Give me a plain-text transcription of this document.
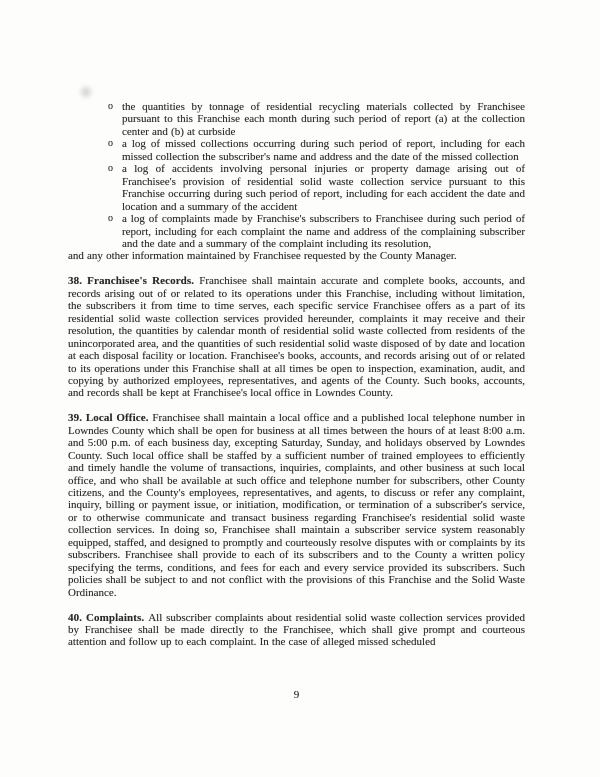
o the quantities by tonnage of residential recycling materials collected by Franchisee pursuant to this Franchise each month during such period of report (a) at the collection center and (b) at curbside
o a log of missed collections occurring during such period of report, including for each missed collection the subscriber's name and address and the date of the missed collection
o a log of accidents involving personal injuries or property damage arising out of Franchisee's provision of residential solid waste collection service pursuant to this Franchise occurring during such period of report, including for each accident the date and location and a summary of the accident
o a log of complaints made by Franchise's subscribers to Franchisee during such period of report, including for each complaint the name and address of the complaining subscriber and the date and a summary of the complaint including its resolution,

and any other information maintained by Franchisee requested by the County Manager.

38. Franchisee's Records. Franchisee shall maintain accurate and complete books, accounts, and records arising out of or related to its operations under this Franchise, including without limitation, the subscribers it from time to time serves, each specific service Franchisee offers as a part of its residential solid waste collection services provided hereunder, complaints it may receive and their resolution, the quantities by calendar month of residential solid waste collected from residents of the unincorporated area, and the quantities of such residential solid waste disposed of by date and location at each disposal facility or location. Franchisee's books, accounts, and records arising out of or related to its operations under this Franchise shall at all times be open to inspection, examination, audit, and copying by authorized employees, representatives, and agents of the County. Such books, accounts, and records shall be kept at Franchisee's local office in Lowndes County.

39. Local Office. Franchisee shall maintain a local office and a published local telephone number in Lowndes County which shall be open for business at all times between the hours of at least 8:00 a.m. and 5:00 p.m. of each business day, excepting Saturday, Sunday, and holidays observed by Lowndes County. Such local office shall be staffed by a sufficient number of trained employees to efficiently and timely handle the volume of transactions, inquiries, complaints, and other business at such local office, and who shall be available at such office and telephone number for subscribers, other County citizens, and the County's employees, representatives, and agents, to discuss or refer any complaint, inquiry, billing or payment issue, or initiation, modification, or termination of a subscriber's service, or to otherwise communicate and transact business regarding Franchisee's residential solid waste collection services. In doing so, Franchisee shall maintain a subscriber service system reasonably equipped, staffed, and designed to promptly and courteously resolve disputes with or complaints by its subscribers. Franchisee shall provide to each of its subscribers and to the County a written policy specifying the terms, conditions, and fees for each and every service provided its subscribers. Such policies shall be subject to and not conflict with the provisions of this Franchise and the Solid Waste Ordinance.

40. Complaints. All subscriber complaints about residential solid waste collection services provided by Franchisee shall be made directly to the Franchisee, which shall give prompt and courteous attention and follow up to each complaint. In the case of alleged missed scheduled

9
